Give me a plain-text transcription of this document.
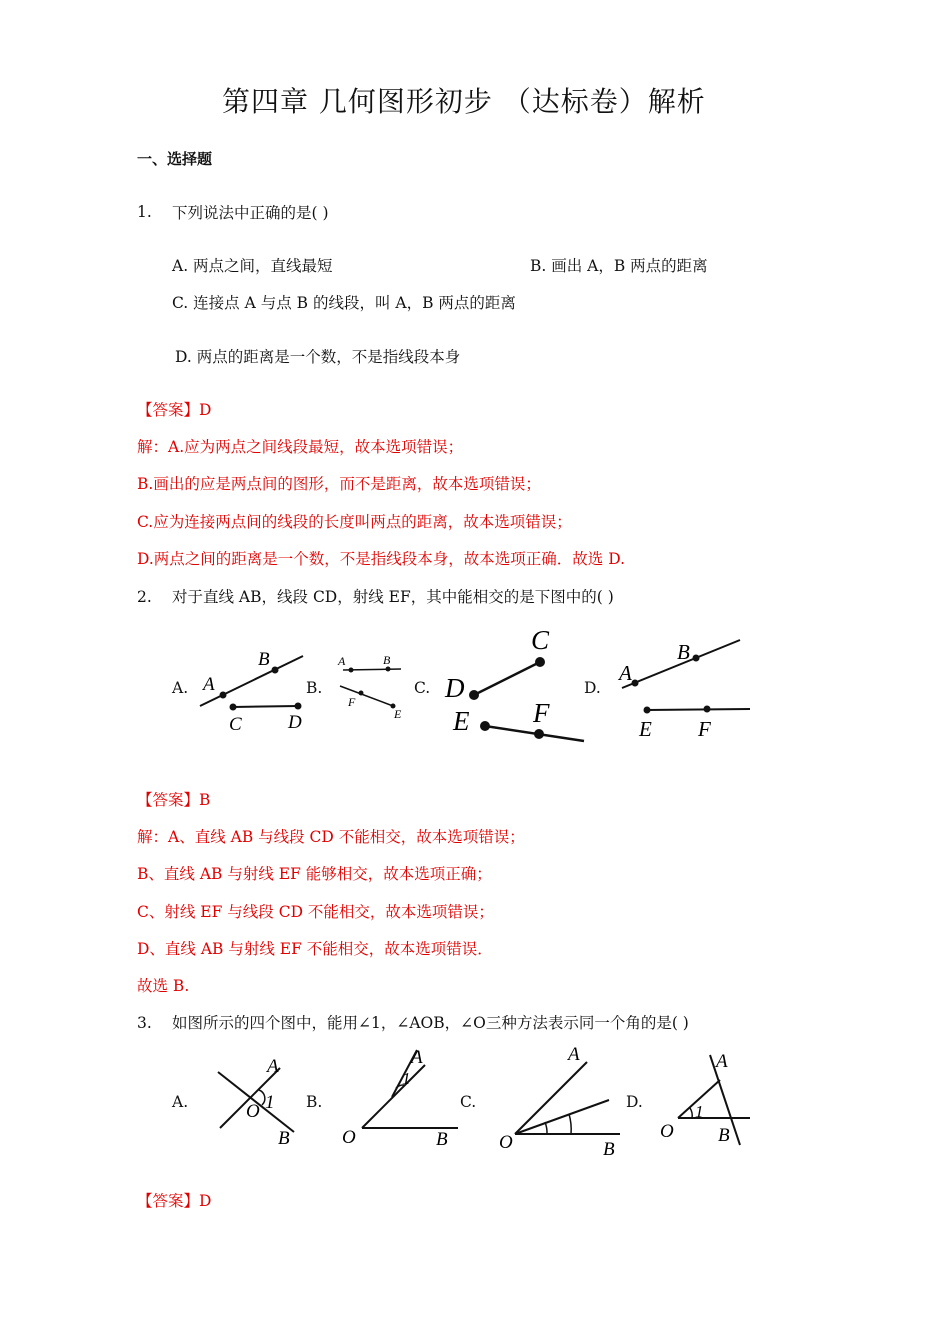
第四章 几何图形初步 （达标卷）解析
一、选择题
1. 下列说法中正确的是( )
A. 两点之间，直线最短	B. 画出 A，B 两点的距离
C. 连接点 A 与点 B 的线段，叫 A，B 两点的距离
D. 两点的距离是一个数，不是指线段本身
【答案】D
解：A.应为两点之间线段最短，故本选项错误；
B.画出的应是两点间的图形，而不是距离，故本选项错误；
C.应为连接两点间的线段的长度叫两点的距离，故本选项错误；
D.两点之间的距离是一个数，不是指线段本身，故本选项正确．故选 D.
2. 对于直线 AB，线段 CD，射线 EF，其中能相交的是下图中的( )
A.	B.	C.	D.
A
B
C D
A	B
F
E
C
D
E F
A
B
E F
【答案】B
解：A、直线 AB 与线段 CD 不能相交，故本选项错误；
B、直线 AB 与射线 EF 能够相交，故本选项正确；
C、射线 EF 与线段 CD 不能相交，故本选项错误；
D、直线 AB 与射线 EF 不能相交，故本选项错误．
故选 B.
3. 如图所示的四个图中，能用∠1，∠AOB，∠O三种方法表示同一个角的是( )
A.	B.	C.	D.
A
1
O
B
A
1
O	B
A
O	B
A
1
O B
【答案】D
